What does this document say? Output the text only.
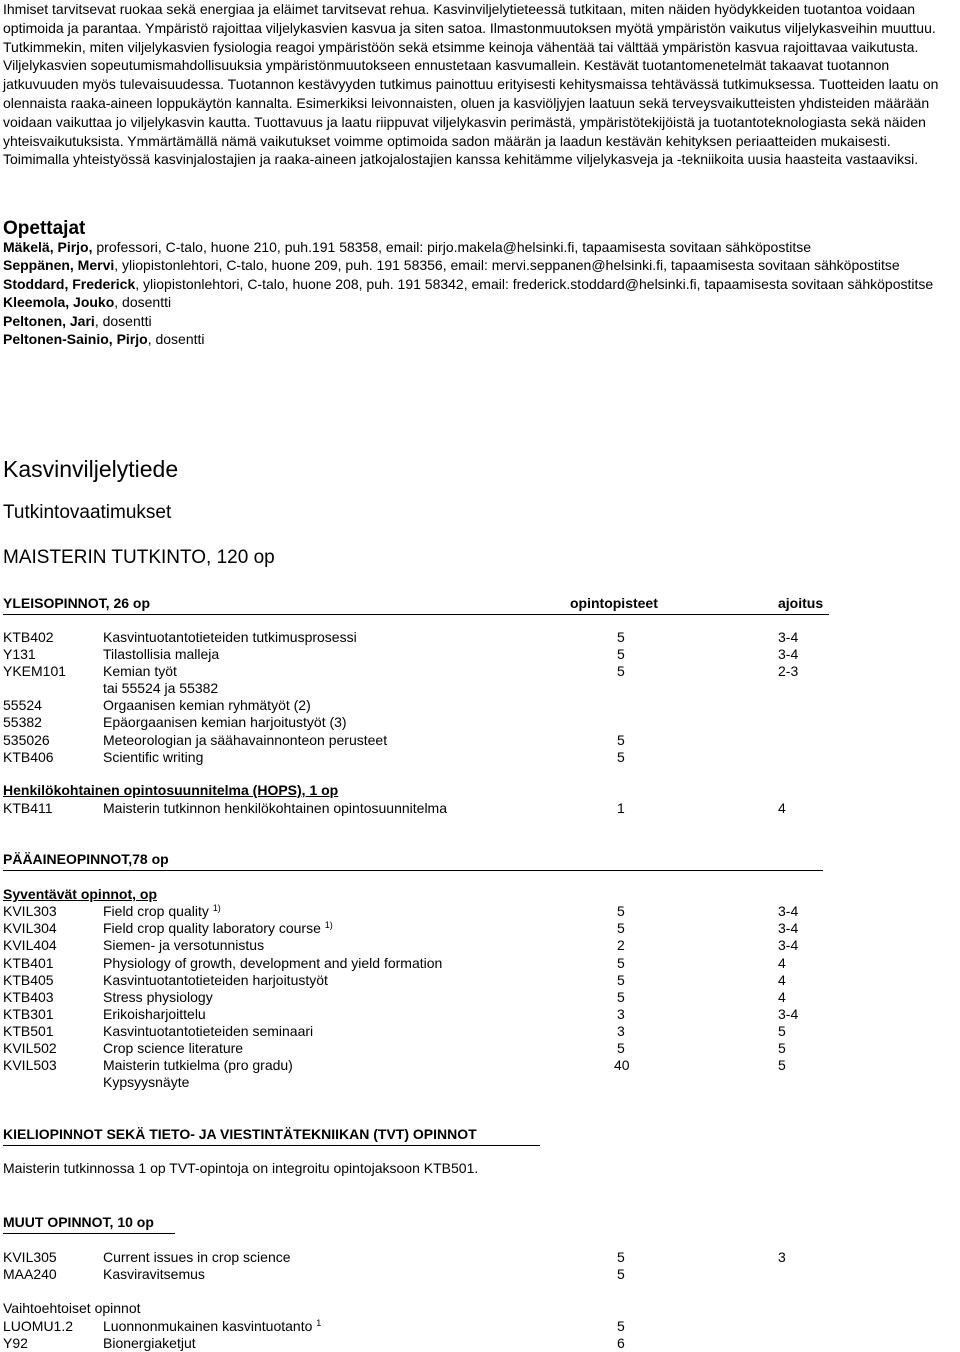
Ihmiset tarvitsevat ruokaa sekä energiaa ja eläimet tarvitsevat rehua. Kasvinviljelytieteessä tutkitaan, miten näiden hyödykkeiden tuotantoa voidaan optimoida ja parantaa. Ympäristö rajoittaa viljelykasvien kasvua ja siten satoa. Ilmastonmuutoksen myötä ympäristön vaikutus viljelykasveihin muuttuu. Tutkimmekin, miten viljelykasvien fysiologia reagoi ympäristöön sekä etsimme keinoja vähentää tai välttää ympäristön kasvua rajoittavaa vaikutusta. Viljelykasvien sopeutumismahdollisuuksia ympäristönmuutokseen ennustetaan kasvumallein. Kestävät tuotantomenetelmät takaavat tuotannon jatkuvuuden myös tulevaisuudessa. Tuotannon kestävyyden tutkimus painottuu erityisesti kehitysmaissa tehtävässä tutkimuksessa. Tuotteiden laatu on olennaista raaka-aineen loppukäytön kannalta. Esimerkiksi leivonnaisten, oluen ja kasviöljyjen laatuun sekä terveysvaikutteisten yhdisteiden määrään voidaan vaikuttaa jo viljelykasvin kautta. Tuottavuus ja laatu riippuvat viljelykasvin perimästä, ympäristötekijöistä ja tuotantoteknologiasta sekä näiden yhteisvaikutuksista. Ymmärtämällä nämä vaikutukset voimme optimoida sadon määrän ja laadun kestävän kehityksen periaatteiden mukaisesti. Toimimalla yhteistyössä kasvinjalostajien ja raaka-aineen jatkojalostajien kanssa kehitämme viljelykasveja ja -tekniikoita uusia haasteita vastaaviksi.

Opettajat

Mäkelä, Pirjo, professori, C-talo, huone 210, puh.191 58358, email: pirjo.makela@helsinki.fi, tapaamisesta sovitaan sähköpostitse

Seppänen, Mervi, yliopistonlehtori, C-talo, huone 209, puh. 191 58356, email: mervi.seppanen@helsinki.fi, tapaamisesta sovitaan sähköpostitse

Stoddard, Frederick, yliopistonlehtori, C-talo, huone 208, puh. 191 58342, email: frederick.stoddard@helsinki.fi, tapaamisesta sovitaan sähköpostitse

Kleemola, Jouko, dosentti

Peltonen, Jari, dosentti

Peltonen-Sainio, Pirjo, dosentti

Kasvinviljelytiede
Tutkintovaatimukset
MAISTERIN TUTKINTO, 120 op
YLEISOPINNOT, 26 op	opintopisteet	ajoitus
KTB402	Kasvintuotantotieteiden tutkimusprosessi	5	3-4
Y131	Tilastollisia malleja	5	3-4
YKEM101	Kemian työt	5	2-3
tai 55524 ja 55382
55524	Orgaanisen kemian ryhmätyöt (2)
55382	Epäorgaanisen kemian harjoitustyöt (3)
535026	Meteorologian ja säähavainnonteon perusteet	5
KTB406	Scientific writing	5
Henkilökohtainen opintosuunnitelma (HOPS), 1 op
KTB411	Maisterin tutkinnon henkilökohtainen opintosuunnitelma	1	4
PÄÄAINEOPINNOT,78 op
Syventävät opinnot, op
KVIL303	Field crop quality $^{1)}$	5	3-4
KVIL304	Field crop quality laboratory course $^{1)}$	5	3-4
KVIL404	Siemen- ja versotunnistus	2	3-4
KTB401	Physiology of growth, development and yield formation	5	4
KTB405	Kasvintuotantotieteiden harjoitustyöt	5	4
KTB403	Stress physiology	5	4
KTB301	Erikoisharjoittelu	3	3-4
KTB501	Kasvintuotantotieteiden seminaari	3	5
KVIL502	Crop science literature	5	5
KVIL503	Maisterin tutkielma (pro gradu)	40	5
Kypsyysnäyte
KIELIOPINNOT SEKÄ TIETO- JA VIESTINTÄTEKNIIKAN (TVT) OPINNOT
Maisterin tutkinnossa 1 op TVT-opintoja on integroitu opintojaksoon KTB501.
MUUT OPINNOT, 10 op
KVIL305	Current issues in crop science	5	3
MAA240	Kasviravitsemus	5
Vaihtoehtoiset opinnot
LUOMU1.2 Luonnonmukainen kasvintuotanto $^1$	5
Y92	Bionergiaketjut	6
